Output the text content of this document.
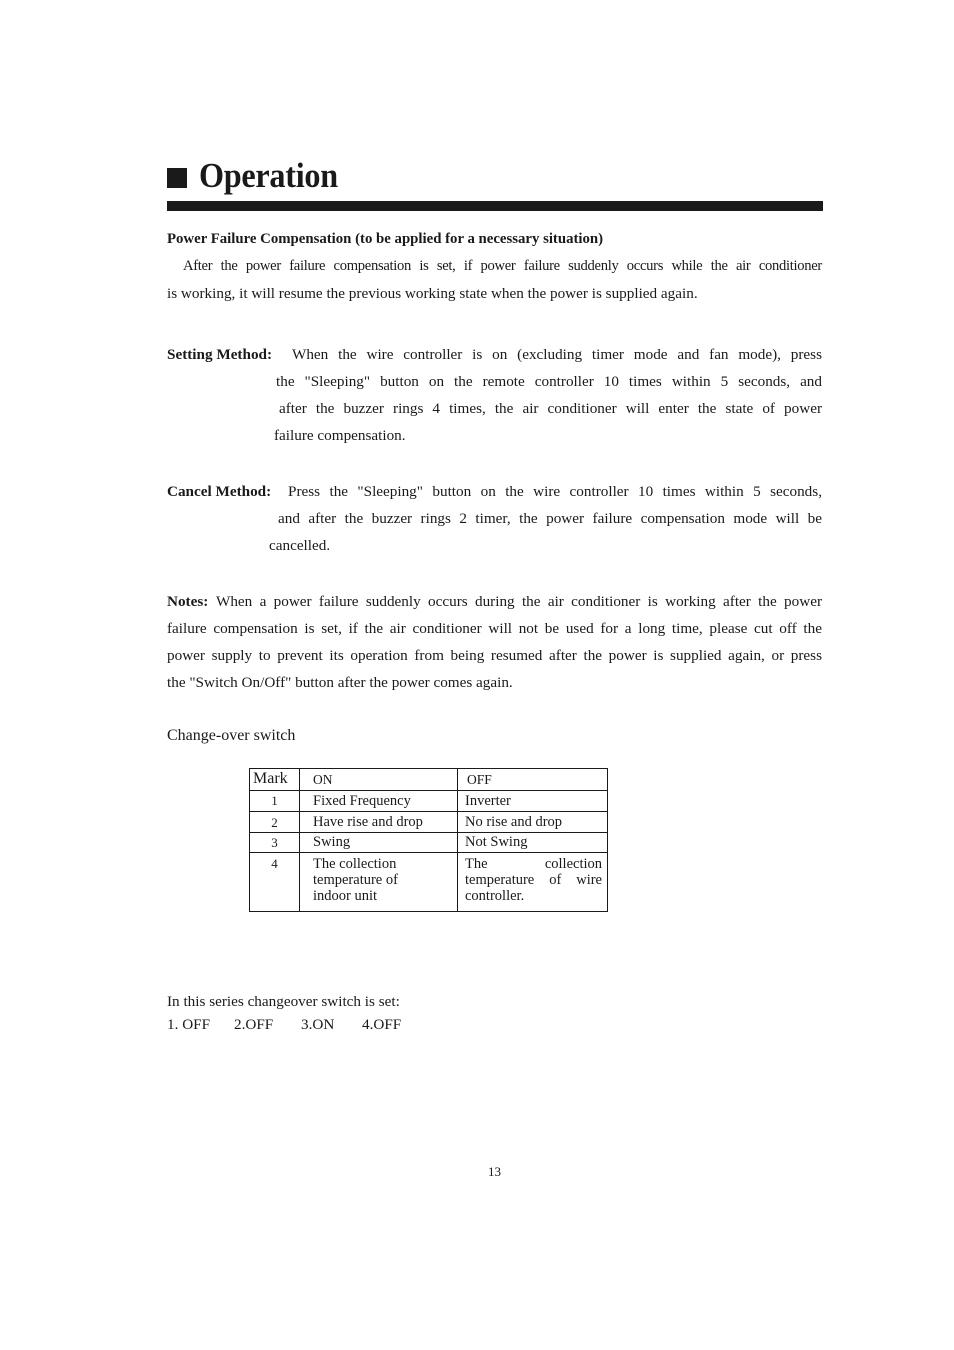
Operation
Power Failure Compensation (to be applied for a necessary situation)
After the power failure compensation is set, if power failure suddenly occurs while the air conditioner
is working, it will resume the previous working state when the power is supplied again.
Setting Method: When the wire controller is on (excluding timer mode and fan mode), press
the "Sleeping" button on the remote controller 10 times within 5 seconds, and
after the buzzer rings 4 times, the air conditioner will enter the state of power
failure compensation.
Cancel Method: Press the "Sleeping" button on the wire controller 10 times within 5 seconds,
and after the buzzer rings 2 timer, the power failure compensation mode will be
cancelled.
Notes: When a power failure suddenly occurs during the air conditioner is working after the power
failure compensation is set, if the air conditioner will not be used for a long time, please cut off the
power supply to prevent its operation from being resumed after the power is supplied again, or press
the "Switch On/Off" button after the power comes again.
Change-over switch
Mark	ON	OFF
1	Fixed Frequency	Inverter
2	Have rise and drop	No rise and drop
3	Swing	Not Swing
4	The collection temperature of indoor unit	The collection temperature of wire controller.
In this series changeover switch is set:
1. OFF 2.OFF 3.ON 4.OFF
13
